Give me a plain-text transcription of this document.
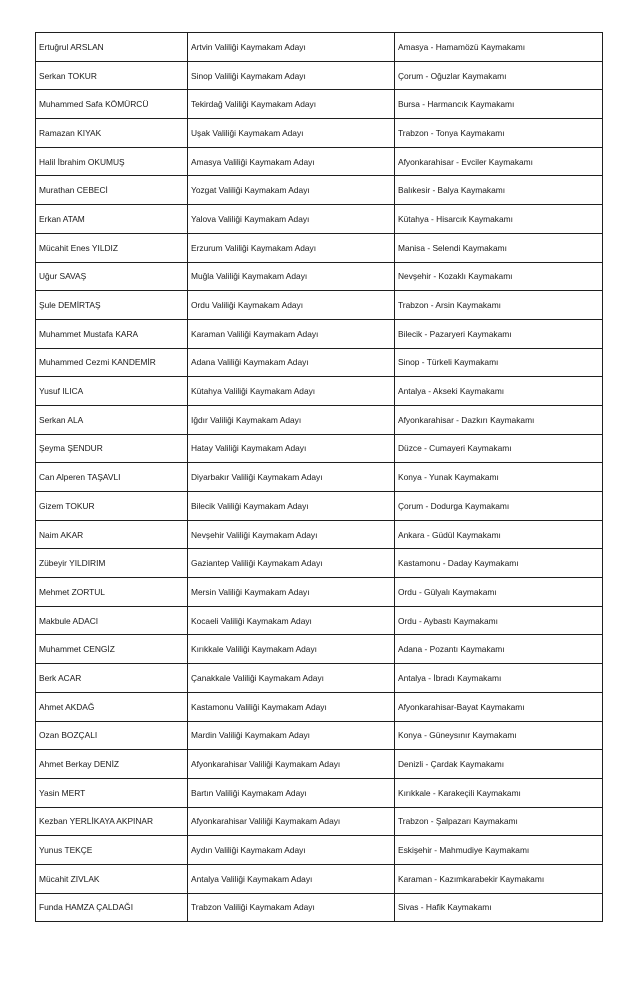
Ertuğrul ARSLAN	Artvin Valiliği Kaymakam Adayı	Amasya - Hamamözü Kaymakamı
Serkan TOKUR	Sinop Valiliği Kaymakam Adayı	Çorum - Oğuzlar Kaymakamı
Muhammed Safa KÖMÜRCÜ	Tekirdağ Valiliği Kaymakam Adayı	Bursa - Harmancık Kaymakamı
Ramazan KIYAK	Uşak Valiliği Kaymakam Adayı	Trabzon - Tonya Kaymakamı
Halil İbrahim OKUMUŞ	Amasya Valiliği Kaymakam Adayı	Afyonkarahisar - Evciler Kaymakamı
Murathan CEBECİ	Yozgat Valiliği Kaymakam Adayı	Balıkesir - Balya Kaymakamı
Erkan ATAM	Yalova Valiliği Kaymakam Adayı	Kütahya - Hisarcık Kaymakamı
Mücahit Enes YILDIZ	Erzurum Valiliği Kaymakam Adayı	Manisa - Selendi Kaymakamı
Uğur SAVAŞ	Muğla Valiliği Kaymakam Adayı	Nevşehir - Kozaklı Kaymakamı
Şule DEMİRTAŞ	Ordu Valiliği Kaymakam Adayı	Trabzon - Arsin Kaymakamı
Muhammet Mustafa KARA	Karaman Valiliği Kaymakam Adayı	Bilecik - Pazaryeri Kaymakamı
Muhammed Cezmi KANDEMİR	Adana Valiliği Kaymakam Adayı	Sinop - Türkeli Kaymakamı
Yusuf ILICA	Kütahya Valiliği Kaymakam Adayı	Antalya - Akseki Kaymakamı
Serkan ALA	Iğdır Valiliği Kaymakam Adayı	Afyonkarahisar - Dazkırı Kaymakamı
Şeyma ŞENDUR	Hatay Valiliği Kaymakam Adayı	Düzce - Cumayeri Kaymakamı
Can Alperen TAŞAVLI	Diyarbakır Valiliği Kaymakam Adayı	Konya - Yunak Kaymakamı
Gizem TOKUR	Bilecik Valiliği Kaymakam Adayı	Çorum - Dodurga Kaymakamı
Naim AKAR	Nevşehir Valiliği Kaymakam Adayı	Ankara - Güdül Kaymakamı
Zübeyir YILDIRIM	Gaziantep Valiliği Kaymakam Adayı	Kastamonu - Daday Kaymakamı
Mehmet ZORTUL	Mersin Valiliği Kaymakam Adayı	Ordu - Gülyalı Kaymakamı
Makbule ADACI	Kocaeli Valiliği Kaymakam Adayı	Ordu - Aybastı Kaymakamı
Muhammet CENGİZ	Kırıkkale Valiliği Kaymakam Adayı	Adana - Pozantı Kaymakamı
Berk ACAR	Çanakkale Valiliği Kaymakam Adayı	Antalya - İbradı Kaymakamı
Ahmet AKDAĞ	Kastamonu Valiliği Kaymakam Adayı	Afyonkarahisar-Bayat Kaymakamı
Ozan BOZÇALI	Mardin Valiliği Kaymakam Adayı	Konya - Güneysınır Kaymakamı
Ahmet Berkay DENİZ	Afyonkarahisar Valiliği Kaymakam Adayı	Denizli - Çardak Kaymakamı
Yasin MERT	Bartın Valiliği Kaymakam Adayı	Kırıkkale - Karakeçili Kaymakamı
Kezban YERLİKAYA AKPINAR	Afyonkarahisar Valiliği Kaymakam Adayı	Trabzon - Şalpazarı Kaymakamı
Yunus TEKÇE	Aydın Valiliği Kaymakam Adayı	Eskişehir - Mahmudiye Kaymakamı
Mücahit ZIVLAK	Antalya Valiliği Kaymakam Adayı	Karaman - Kazımkarabekir Kaymakamı
Funda HAMZA ÇALDAĞI	Trabzon Valiliği Kaymakam Adayı	Sivas - Hafik Kaymakamı
